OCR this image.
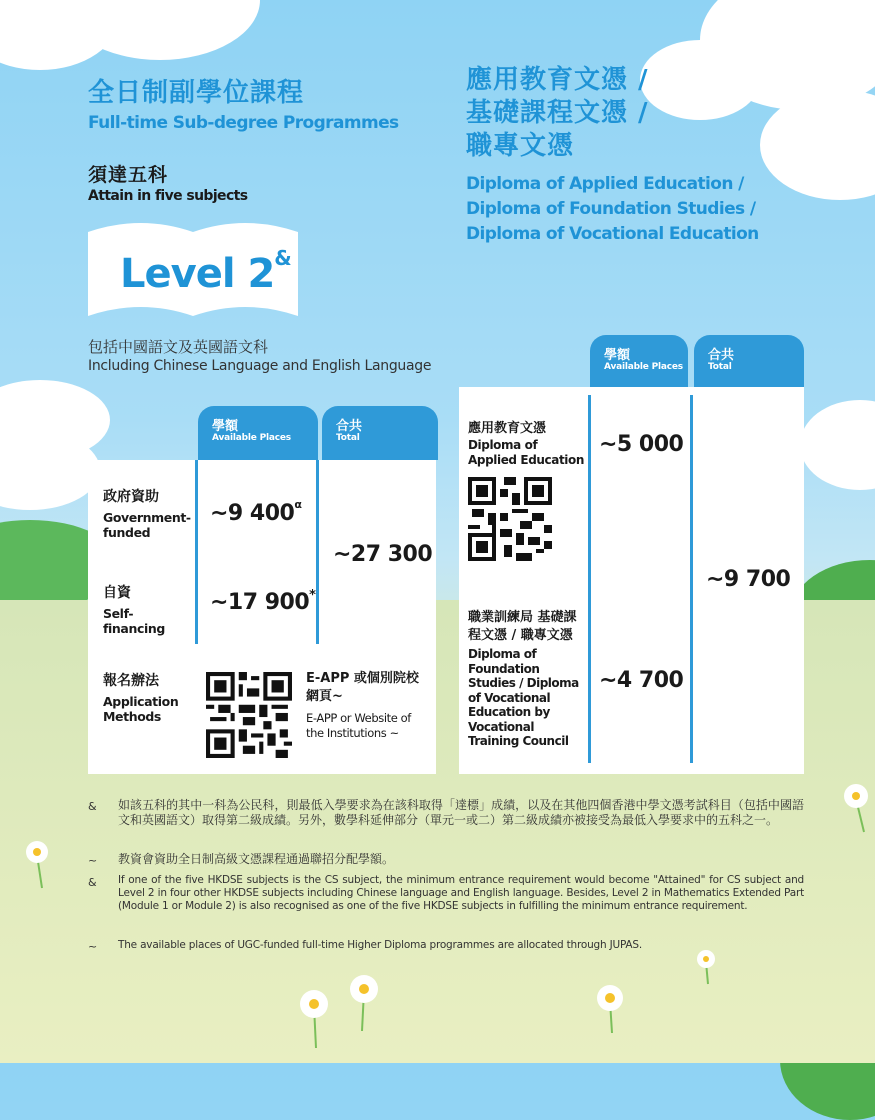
全日制副學位課程
Full-time Sub-degree Programmes
須達五科
Attain in five subjects
Level 2&
包括中國語文及英國語文科
Including Chinese Language and English Language
應用教育文憑 /
基礎課程文憑 /
職專文憑
Diploma of Applied Education /
Diploma of Foundation Studies /
Diploma of Vocational Education
學額
Available Places
合共
Total
政府資助
Government-funded
~9 $400^\alpha$
自資
Self-financing
~17 900*
~27 300
報名辦法
Application Methods
E-APP 或個別院校網頁~
E-APP or Website of the Institutions ~
學額
Available Places
合共
Total
應用教育文憑
Diploma of Applied Education
~5 000
職業訓練局 基礎課程文憑 / 職專文憑
Diploma of Foundation Studies / Diploma of Vocational Education by Vocational Training Council
~4 700
~9 700
& 如該五科的其中一科為公民科，則最低入學要求為在該科取得「達標」成績，以及在其他四個香港中學文憑考試科目（包括中國語文和英國語文）取得第二級成績。另外，數學科延伸部分（單元一或二）第二級成績亦被接受為最低入學要求中的五科之一。
~ 教資會資助全日制高級文憑課程通過聯招分配學額。
& If one of the five HKDSE subjects is the CS subject, the minimum entrance requirement would become "Attained" for CS subject and Level 2 in four other HKDSE subjects including Chinese language and English language. Besides, Level 2 in Mathematics Extended Part (Module 1 or Module 2) is also recognised as one of the five HKDSE subjects in fulfilling the minimum entrance requirement.
~ The available places of UGC-funded full-time Higher Diploma programmes are allocated through JUPAS.
